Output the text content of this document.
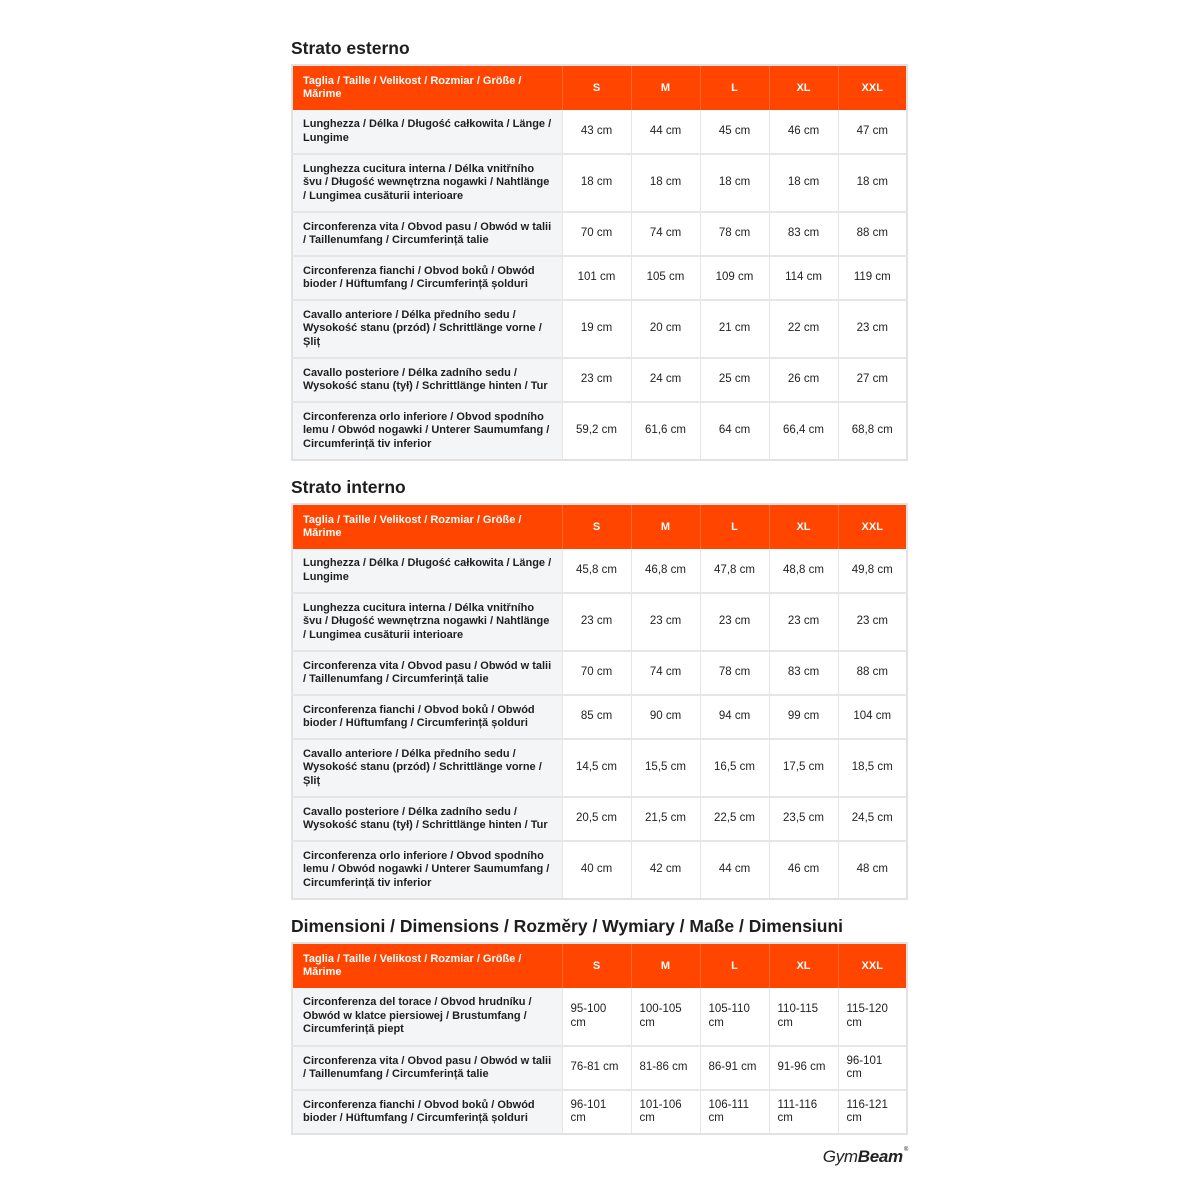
Strato esterno
Taglia / Taille / Velikost / Rozmiar / Größe / Mărime	S	M	L	XL	XXL
Lunghezza / Délka / Długość całkowita / Länge / Lungime	43 cm	44 cm	45 cm	46 cm	47 cm
Lunghezza cucitura interna / Délka vnitřního švu / Długość wewnętrzna nogawki / Nahtlänge / Lungimea cusăturii interioare	18 cm	18 cm	18 cm	18 cm	18 cm
Circonferenza vita / Obvod pasu / Obwód w talii / Taillenumfang / Circumferință talie	70 cm	74 cm	78 cm	83 cm	88 cm
Circonferenza fianchi / Obvod boků / Obwód bioder / Hüftumfang / Circumferință șolduri	101 cm	105 cm	109 cm	114 cm	119 cm
Cavallo anteriore / Délka předního sedu / Wysokość stanu (przód) / Schrittlänge vorne / Șliț	19 cm	20 cm	21 cm	22 cm	23 cm
Cavallo posteriore / Délka zadního sedu / Wysokość stanu (tył) / Schrittlänge hinten / Tur	23 cm	24 cm	25 cm	26 cm	27 cm
Circonferenza orlo inferiore / Obvod spodního lemu / Obwód nogawki / Unterer Saumumfang / Circumferință tiv inferior	59,2 cm	61,6 cm	64 cm	66,4 cm	68,8 cm
Strato interno
Taglia / Taille / Velikost / Rozmiar / Größe / Mărime	S	M	L	XL	XXL
Lunghezza / Délka / Długość całkowita / Länge / Lungime	45,8 cm	46,8 cm	47,8 cm	48,8 cm	49,8 cm
Lunghezza cucitura interna / Délka vnitřního švu / Długość wewnętrzna nogawki / Nahtlänge / Lungimea cusăturii interioare	23 cm	23 cm	23 cm	23 cm	23 cm
Circonferenza vita / Obvod pasu / Obwód w talii / Taillenumfang / Circumferință talie	70 cm	74 cm	78 cm	83 cm	88 cm
Circonferenza fianchi / Obvod boků / Obwód bioder / Hüftumfang / Circumferință șolduri	85 cm	90 cm	94 cm	99 cm	104 cm
Cavallo anteriore / Délka předního sedu / Wysokość stanu (przód) / Schrittlänge vorne / Șliț	14,5 cm	15,5 cm	16,5 cm	17,5 cm	18,5 cm
Cavallo posteriore / Délka zadního sedu / Wysokość stanu (tył) / Schrittlänge hinten / Tur	20,5 cm	21,5 cm	22,5 cm	23,5 cm	24,5 cm
Circonferenza orlo inferiore / Obvod spodního lemu / Obwód nogawki / Unterer Saumumfang / Circumferință tiv inferior	40 cm	42 cm	44 cm	46 cm	48 cm
Dimensioni / Dimensions / Rozměry / Wymiary / Maße / Dimensiuni
Taglia / Taille / Velikost / Rozmiar / Größe / Mărime	S	M	L	XL	XXL
Circonferenza del torace / Obvod hrudníku / Obwód w klatce piersiowej / Brustumfang / Circumferință piept	95-100 cm	100-105 cm	105-110 cm	110-115 cm	115-120 cm
Circonferenza vita / Obvod pasu / Obwód w talii / Taillenumfang / Circumferință talie	76-81 cm	81-86 cm	86-91 cm	91-96 cm	96-101 cm
Circonferenza fianchi / Obvod boků / Obwód bioder / Hüftumfang / Circumferință șolduri	96-101 cm	101-106 cm	106-111 cm	111-116 cm	116-121 cm
GymBeam®
